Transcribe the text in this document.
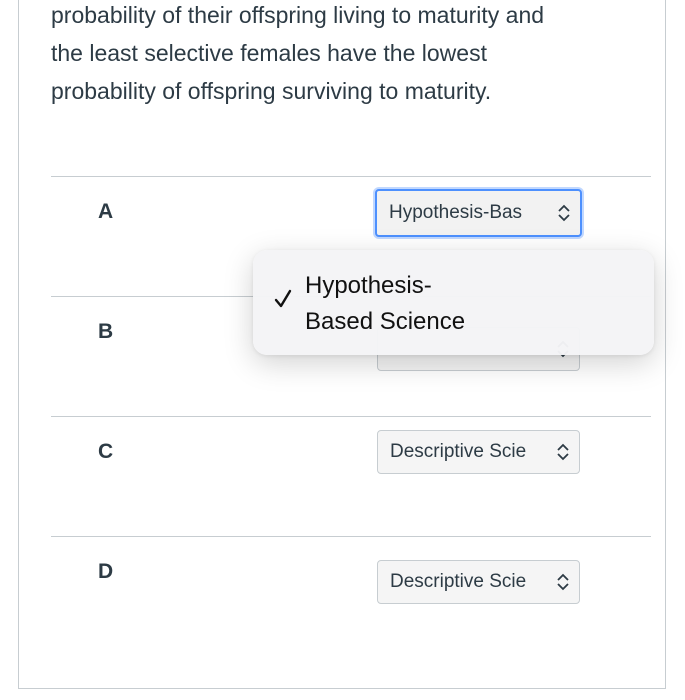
probability of their offspring living to maturity and
the least selective females have the lowest
probability of offspring surviving to maturity.
A	Hypothesis-Bas
B
C	Descriptive Scie
D	Descriptive Scie
Hypothesis-
Based Science
